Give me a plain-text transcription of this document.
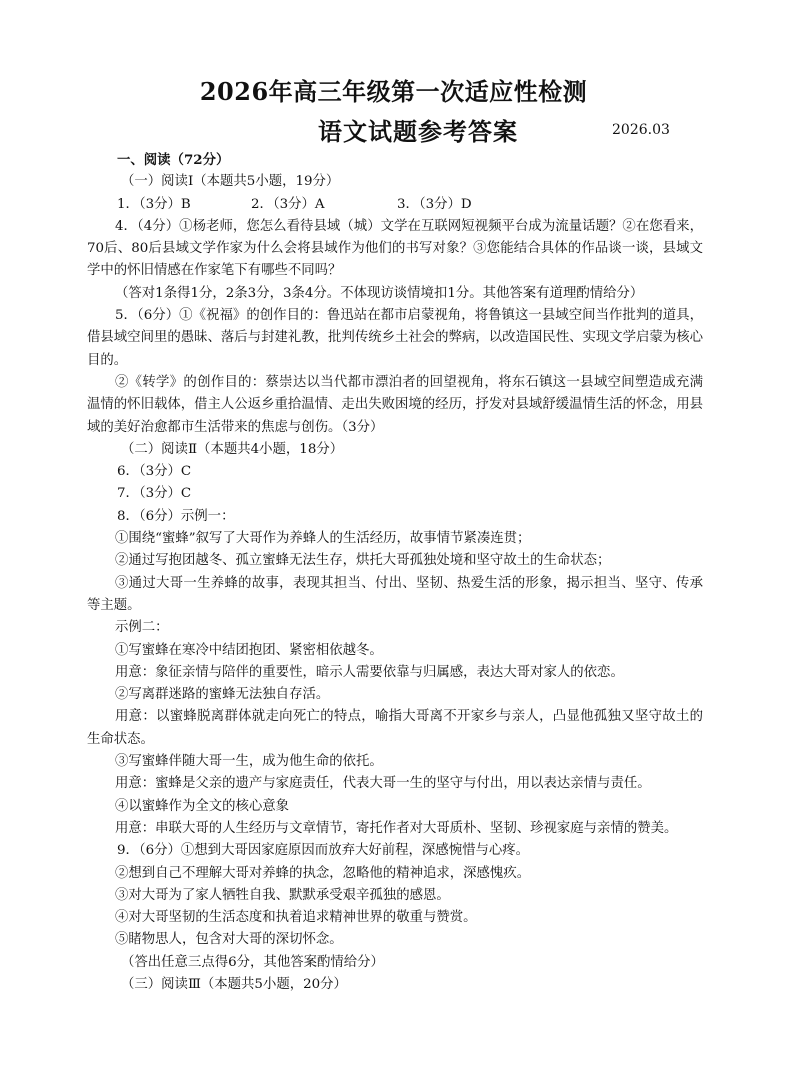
2026年高三年级第一次适应性检测
语文试题参考答案	2026.03

一、阅读（72分）

（一）阅读Ⅰ（本题共5小题，19分）

1．（3分）B	2．（3分）A	3．（3分）D

4．（4分）①杨老师，您怎么看待县域（城）文学在互联网短视频平台成为流量话题？②在您看来，70后、80后县域文学作家为什么会将县域作为他们的书写对象？③您能结合具体的作品谈一谈，县域文学中的怀旧情感在作家笔下有哪些不同吗？

（答对1条得1分，2条3分，3条4分。不体现访谈情境扣1分。其他答案有道理酌情给分）

5．（6分）①《祝福》的创作目的：鲁迅站在都市启蒙视角，将鲁镇这一县域空间当作批判的道具，借县域空间里的愚昧、落后与封建礼教，批判传统乡土社会的弊病，以改造国民性、实现文学启蒙为核心目的。

②《转学》的创作目的：蔡崇达以当代都市漂泊者的回望视角，将东石镇这一县域空间塑造成充满温情的怀旧载体，借主人公返乡重拾温情、走出失败困境的经历，抒发对县域舒缓温情生活的怀念，用县域的美好治愈都市生活带来的焦虑与创伤。（3分）

（二）阅读Ⅱ（本题共4小题，18分）

6．（3分）C

7．（3分）C

8．（6分）示例一：

①围绕“蜜蜂”叙写了大哥作为养蜂人的生活经历，故事情节紧凑连贯；

②通过写抱团越冬、孤立蜜蜂无法生存，烘托大哥孤独处境和坚守故土的生命状态；

③通过大哥一生养蜂的故事，表现其担当、付出、坚韧、热爱生活的形象，揭示担当、坚守、传承等主题。

示例二：

①写蜜蜂在寒冷中结团抱团、紧密相依越冬。

用意：象征亲情与陪伴的重要性，暗示人需要依靠与归属感，表达大哥对家人的依恋。

②写离群迷路的蜜蜂无法独自存活。

用意：以蜜蜂脱离群体就走向死亡的特点，喻指大哥离不开家乡与亲人，凸显他孤独又坚守故土的生命状态。

③写蜜蜂伴随大哥一生，成为他生命的依托。

用意：蜜蜂是父亲的遗产与家庭责任，代表大哥一生的坚守与付出，用以表达亲情与责任。

④以蜜蜂作为全文的核心意象

用意：串联大哥的人生经历与文章情节，寄托作者对大哥质朴、坚韧、珍视家庭与亲情的赞美。

9．（6分）①想到大哥因家庭原因而放弃大好前程，深感惋惜与心疼。

②想到自己不理解大哥对养蜂的执念，忽略他的精神追求，深感愧疚。

③对大哥为了家人牺牲自我、默默承受艰辛孤独的感恩。

④对大哥坚韧的生活态度和执着追求精神世界的敬重与赞赏。

⑤睹物思人，包含对大哥的深切怀念。

（答出任意三点得6分，其他答案酌情给分）

（三）阅读Ⅲ（本题共5小题，20分）
